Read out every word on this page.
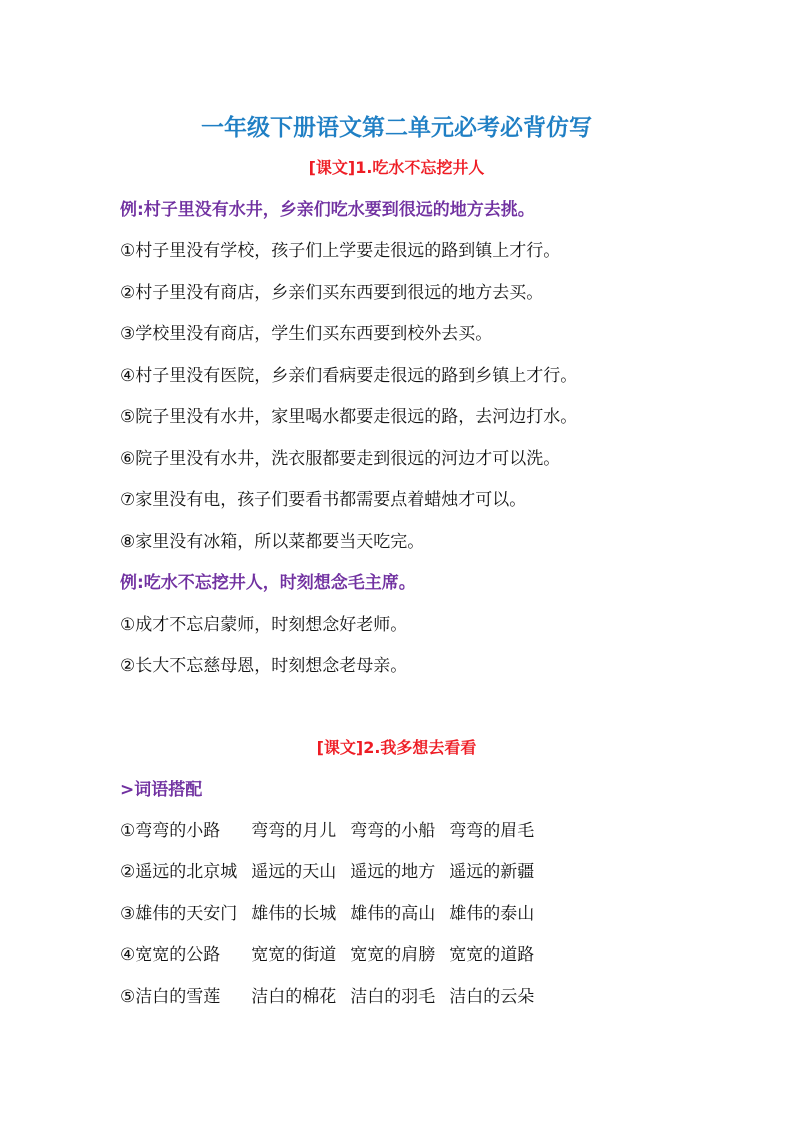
一年级下册语文第二单元必考必背仿写
[课文]1.吃水不忘挖井人
例:村子里没有水井，乡亲们吃水要到很远的地方去挑。
①村子里没有学校，孩子们上学要走很远的路到镇上才行。
②村子里没有商店，乡亲们买东西要到很远的地方去买。
③学校里没有商店，学生们买东西要到校外去买。
④村子里没有医院，乡亲们看病要走很远的路到乡镇上才行。
⑤院子里没有水井，家里喝水都要走很远的路，去河边打水。
⑥院子里没有水井，洗衣服都要走到很远的河边才可以洗。
⑦家里没有电，孩子们要看书都需要点着蜡烛才可以。
⑧家里没有冰箱，所以菜都要当天吃完。
例:吃水不忘挖井人，时刻想念毛主席。
①成才不忘启蒙师，时刻想念好老师。
②长大不忘慈母恩，时刻想念老母亲。
[课文]2.我多想去看看
>词语搭配
①弯弯的小路	弯弯的月儿	弯弯的小船	弯弯的眉毛
②遥远的北京城	遥远的天山	遥远的地方	遥远的新疆
③雄伟的天安门	雄伟的长城	雄伟的高山	雄伟的泰山
④宽宽的公路	宽宽的街道	宽宽的肩膀	宽宽的道路
⑤洁白的雪莲	洁白的棉花	洁白的羽毛	洁白的云朵
